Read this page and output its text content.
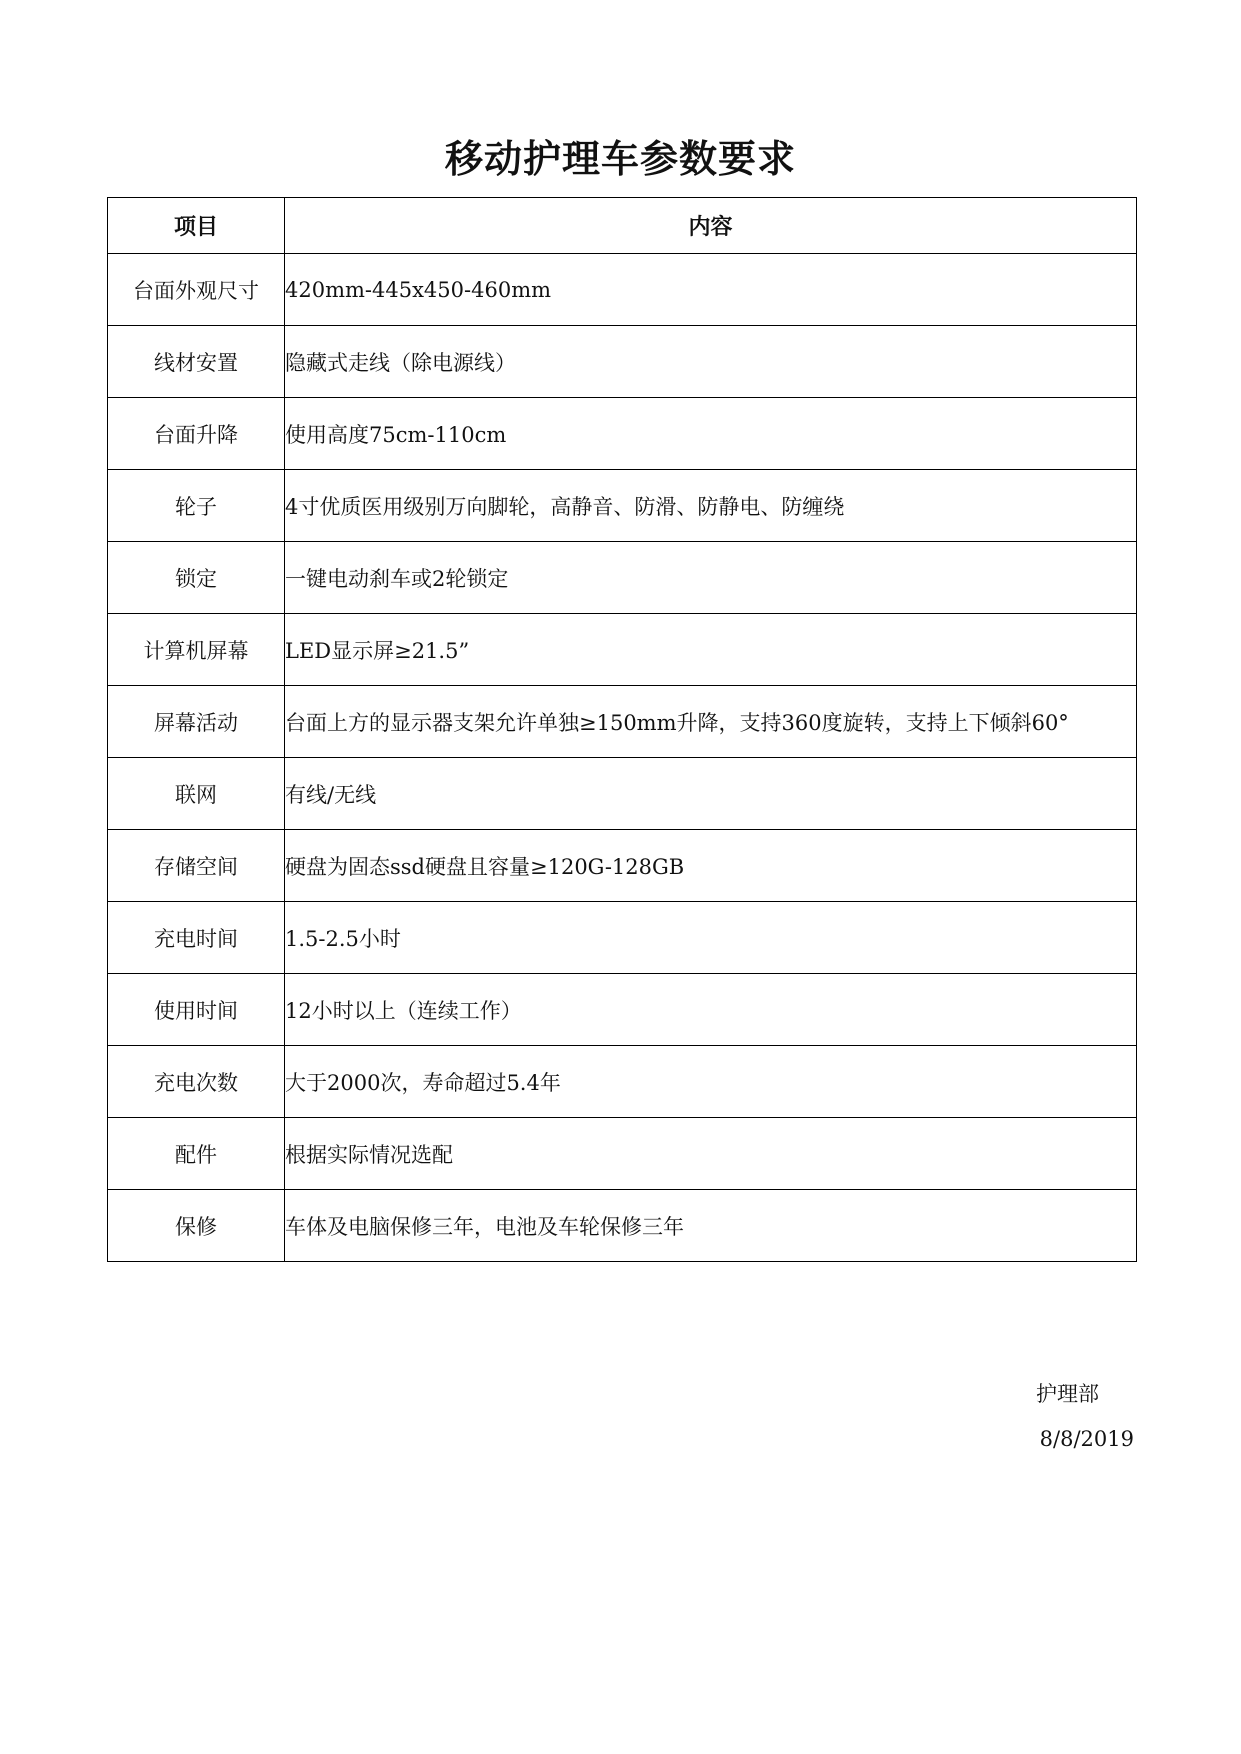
移动护理车参数要求
项目	内容
台面外观尺寸	420mm-445x450-460mm
线材安置	隐藏式走线（除电源线）
台面升降	使用高度75cm-110cm
轮子	4寸优质医用级别万向脚轮，高静音、防滑、防静电、防缠绕
锁定	一键电动刹车或2轮锁定
计算机屏幕	LED显示屏≥21.5”
屏幕活动	台面上方的显示器支架允许单独≥150mm升降，支持360度旋转，支持上下倾斜60°
联网	有线/无线
存储空间	硬盘为固态ssd硬盘且容量≥120G-128GB
充电时间	1.5-2.5小时
使用时间	12小时以上（连续工作）
充电次数	大于2000次，寿命超过5.4年
配件	根据实际情况选配
保修	车体及电脑保修三年，电池及车轮保修三年
护理部
8/8/2019
